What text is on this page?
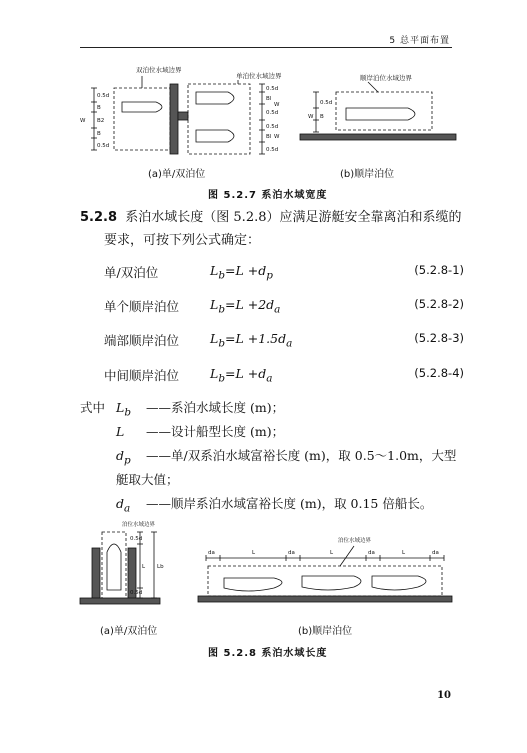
5 总平面布置
双泊位水域边界
单泊位水域边界
0.5d
B
W B2
B
0.5d
0.5d
Bl
W
0.5d
0.5d
Bl W
0.5d
顺岸泊位水域边界
0.5d
W B
(a)单/双泊位	(b)顺岸泊位
图 5.2.7 系泊水域宽度
5.2.8 系泊水域长度（图 5.2.8）应满足游艇安全靠离泊和系缆的
要求，可按下列公式确定：
单/双泊位	$L_b=L +d_p$	(5.2.8-1)
单个顺岸泊位 $L_b=L +2d_a$	(5.2.8-2)
端部顺岸泊位 $L_b=L +1.5d_a$	(5.2.8-3)
中间顺岸泊位 $L_b=L +d_a$	(5.2.8-4)
式中 $L_b$ ——系泊水域长度 (m)；
L ——设计船型长度 (m)；
$d_p$ ——单/双系泊水域富裕长度 (m)，取 0.5～1.0m，大型
艇取大值；
$d_a$ ——顺岸系泊水域富裕长度 (m)，取 0.15 倍船长。
泊位水域边界
0.5d
L Lb
0.5d
泊位水域边界
da	L	da	L	da	L	da
(a)单/双泊位	(b)顺岸泊位
图 5.2.8 系泊水域长度
10
